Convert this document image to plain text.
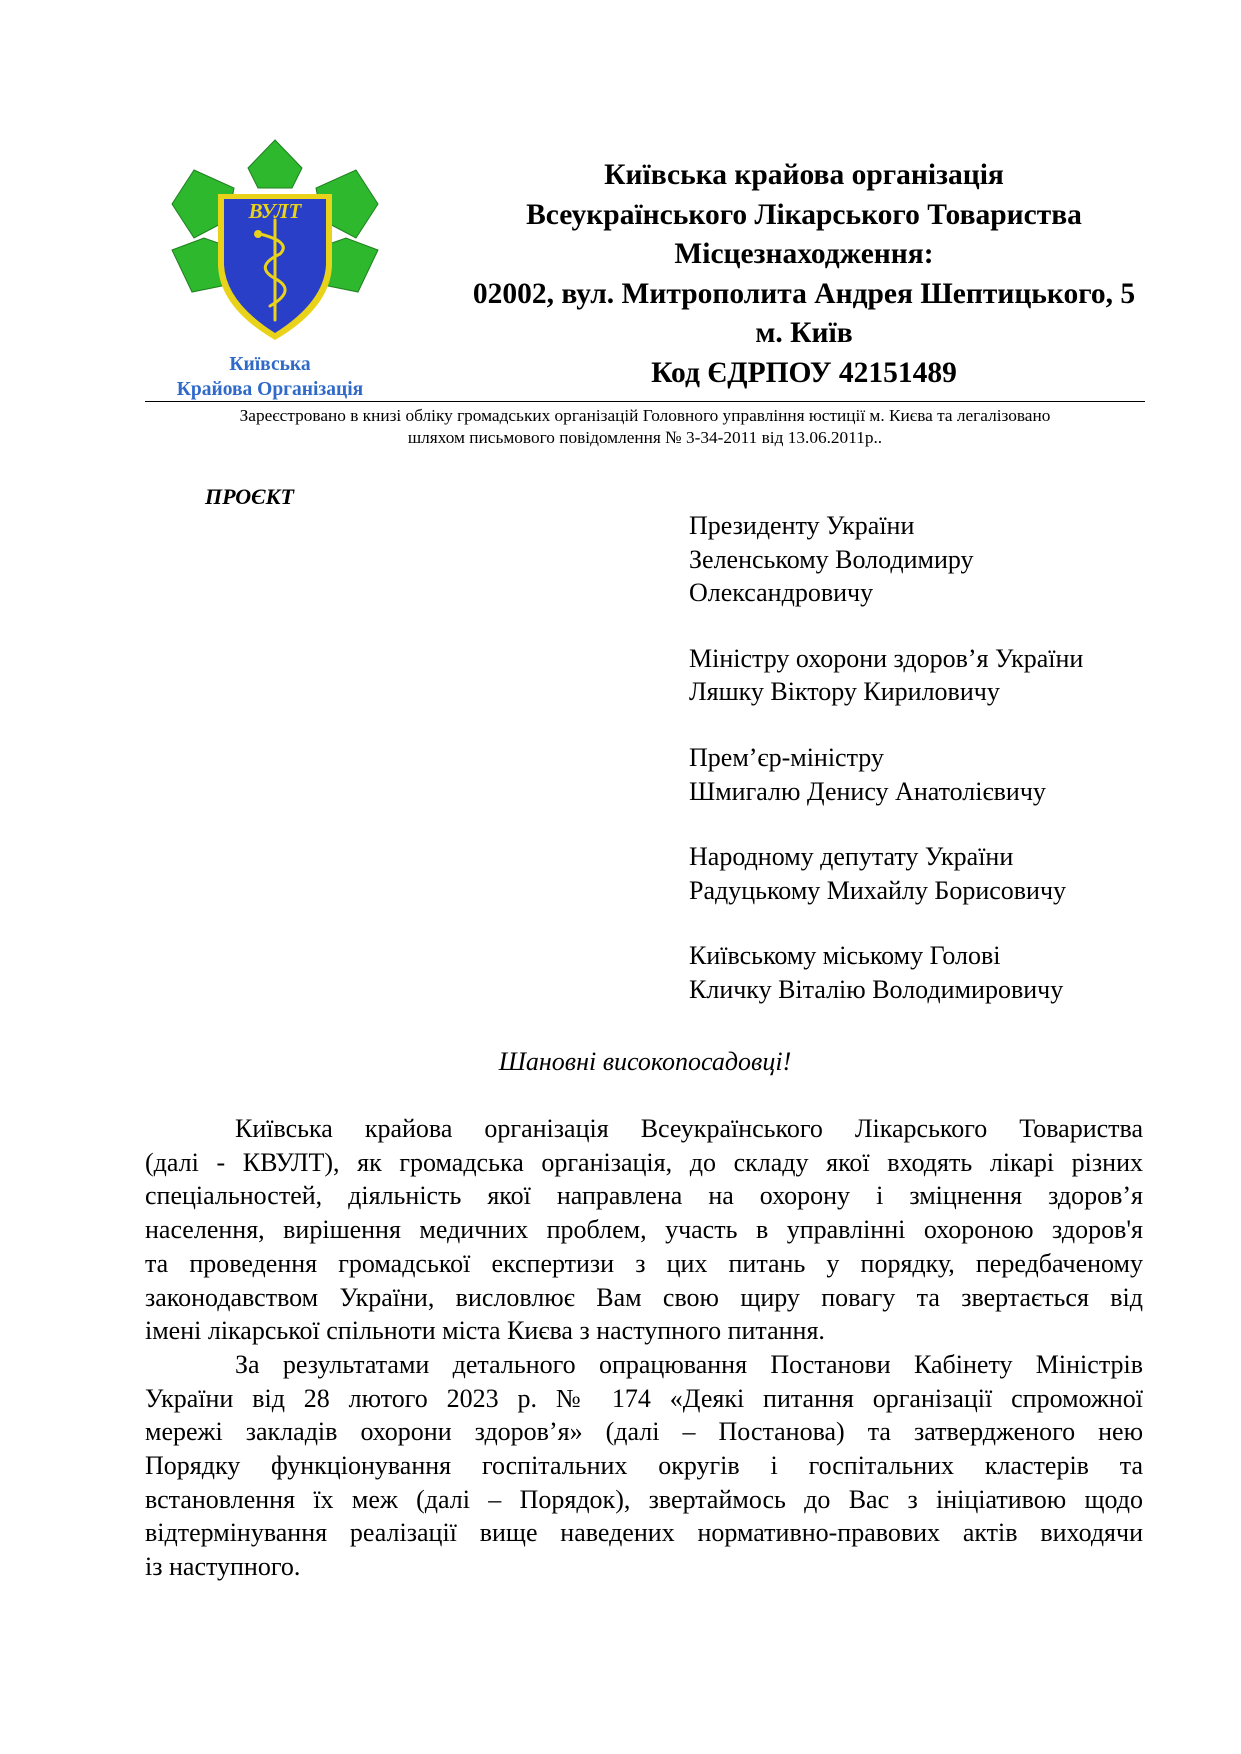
ВУЛТ
Київська
Крайова Організація
Київська крайова організація
Всеукраїнського Лікарського Товариства
Місцезнаходження:
02002, вул. Митрополита Андрея Шептицького, 5
м. Київ
Код ЄДРПОУ 42151489
Зареєстровано в книзі обліку громадських організацій Головного управління юстиції м. Києва та легалізовано
шляхом письмового повідомлення № 3-34-2011 від 13.06.2011р..
ПРОЄКТ
Президенту України
Зеленському Володимиру
Олександровичу
Міністру охорони здоров’я України
Ляшку Віктору Кириловичу
Прем’єр-міністру
Шмигалю Денису Анатолієвичу
Народному депутату України
Радуцькому Михайлу Борисовичу
Київському міському Голові
Кличку Віталію Володимировичу
Шановні високопосадовці!
Київська крайова організація Всеукраїнського Лікарського Товариства
(далі - КВУЛТ), як громадська організація, до складу якої входять лікарі різних
спеціальностей, діяльність якої направлена на охорону і зміцнення здоров’я
населення, вирішення медичних проблем, участь в управлінні охороною здоров'я
та проведення громадської експертизи з цих питань у порядку, передбаченому
законодавством України, висловлює Вам свою щиру повагу та звертається від
імені лікарської спільноти міста Києва з наступного питання.
За результатами детального опрацювання Постанови Кабінету Міністрів
України від 28 лютого 2023 р. № 174 «Деякі питання організації спроможної
мережі закладів охорони здоров’я» (далі – Постанова) та затвердженого нею
Порядку функціонування госпітальних округів і госпітальних кластерів та
встановлення їх меж (далі – Порядок), звертаймось до Вас з ініціативою щодо
відтермінування реалізації вище наведених нормативно-правових актів виходячи
із наступного.
